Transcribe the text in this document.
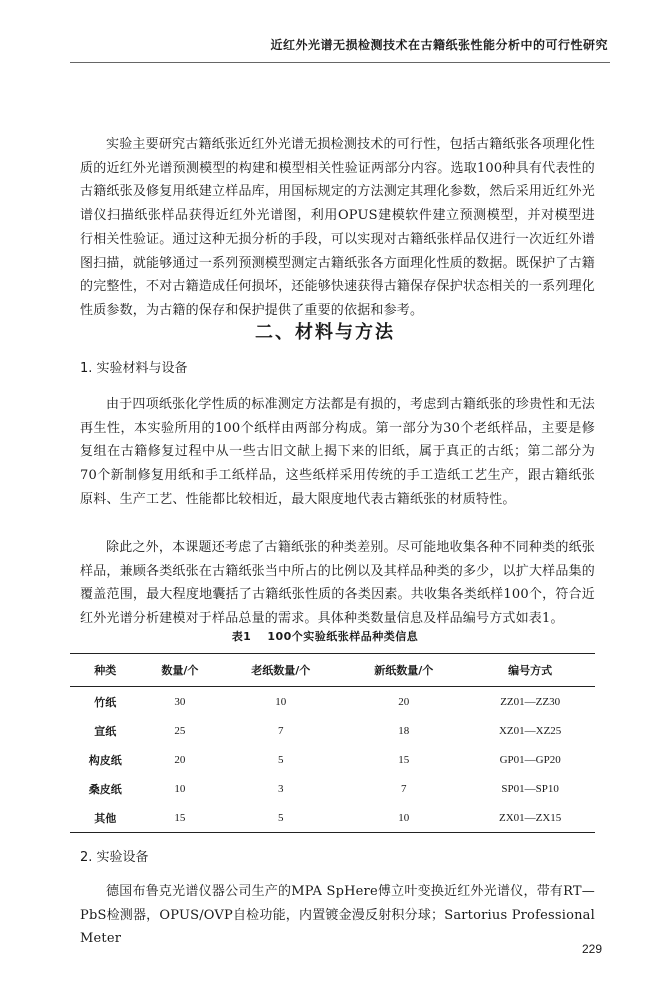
近红外光谱无损检测技术在古籍纸张性能分析中的可行性研究

实验主要研究古籍纸张近红外光谱无损检测技术的可行性，包括古籍纸张各项理化性质的近红外光谱预测模型的构建和模型相关性验证两部分内容。选取100种具有代表性的古籍纸张及修复用纸建立样品库，用国标规定的方法测定其理化参数，然后采用近红外光谱仪扫描纸张样品获得近红外光谱图，利用OPUS建模软件建立预测模型，并对模型进行相关性验证。通过这种无损分析的手段，可以实现对古籍纸张样品仅进行一次近红外谱图扫描，就能够通过一系列预测模型测定古籍纸张各方面理化性质的数据。既保护了古籍的完整性，不对古籍造成任何损坏，还能够快速获得古籍保存保护状态相关的一系列理化性质参数，为古籍的保存和保护提供了重要的依据和参考。

二、材料与方法
1. 实验材料与设备

由于四项纸张化学性质的标准测定方法都是有损的，考虑到古籍纸张的珍贵性和无法再生性，本实验所用的100个纸样由两部分构成。第一部分为30个老纸样品，主要是修复组在古籍修复过程中从一些古旧文献上揭下来的旧纸，属于真正的古纸；第二部分为70个新制修复用纸和手工纸样品，这些纸样采用传统的手工造纸工艺生产，跟古籍纸张原料、生产工艺、性能都比较相近，最大限度地代表古籍纸张的材质特性。

除此之外，本课题还考虑了古籍纸张的种类差别。尽可能地收集各种不同种类的纸张样品，兼顾各类纸张在古籍纸张当中所占的比例以及其样品种类的多少，以扩大样品集的覆盖范围，最大程度地囊括了古籍纸张性质的各类因素。共收集各类纸样100个，符合近红外光谱分析建模对于样品总量的需求。具体种类数量信息及样品编号方式如表1。

表1 100个实验纸张样品种类信息
种类	数量/个	老纸数量/个	新纸数量/个	编号方式
竹纸	30	10	20	ZZ01—ZZ30
宣纸	25	7	18	XZ01—XZ25
构皮纸	20	5	15	GP01—GP20
桑皮纸	10	3	7	SP01—SP10
其他	15	5	10	ZX01—ZX15
2. 实验设备

德国布鲁克光谱仪器公司生产的MPA SpHere傅立叶变换近红外光谱仪，带有RT—PbS检测器，OPUS/OVP自检功能，内置镀金漫反射积分球；Sartorius Professional Meter

229
